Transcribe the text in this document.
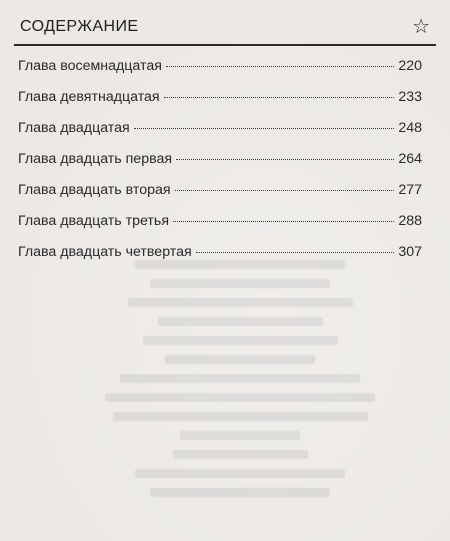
СОДЕРЖАНИЕ	☆
Глава восемнадцатая	220
Глава девятнадцатая	233
Глава двадцатая	248
Глава двадцать первая	264
Глава двадцать вторая	277
Глава двадцать третья	288
Глава двадцать четвертая	307
